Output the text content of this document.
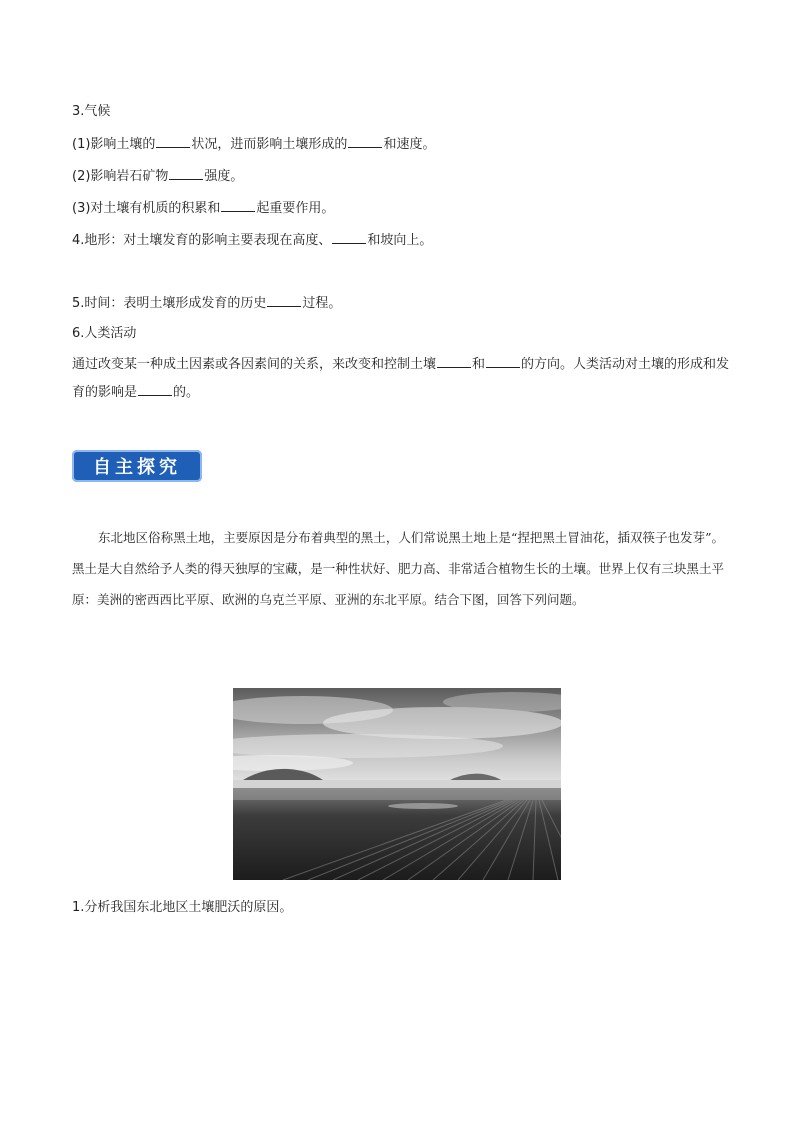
3.气候
(1)影响土壤的	状况，进而影响土壤形成的	和速度。
(2)影响岩石矿物	强度。
(3)对土壤有机质的积累和	起重要作用。
4.地形：对土壤发育的影响主要表现在高度、	和坡向上。
5.时间：表明土壤形成发育的历史	过程。
6.人类活动
通过改变某一种成土因素或各因素间的关系，来改变和控制土壤	和	的方向。人类活动对土壤的形成和发育的影响是	的。
自主探究
东北地区俗称黑土地，主要原因是分布着典型的黑土，人们常说黑土地上是“捏把黑土冒油花，插双筷子也发芽”。黑土是大自然给予人类的得天独厚的宝藏，是一种性状好、肥力高、非常适合植物生长的土壤。世界上仅有三块黑土平原：美洲的密西西比平原、欧洲的乌克兰平原、亚洲的东北平原。结合下图，回答下列问题。
1.分析我国东北地区土壤肥沃的原因。
